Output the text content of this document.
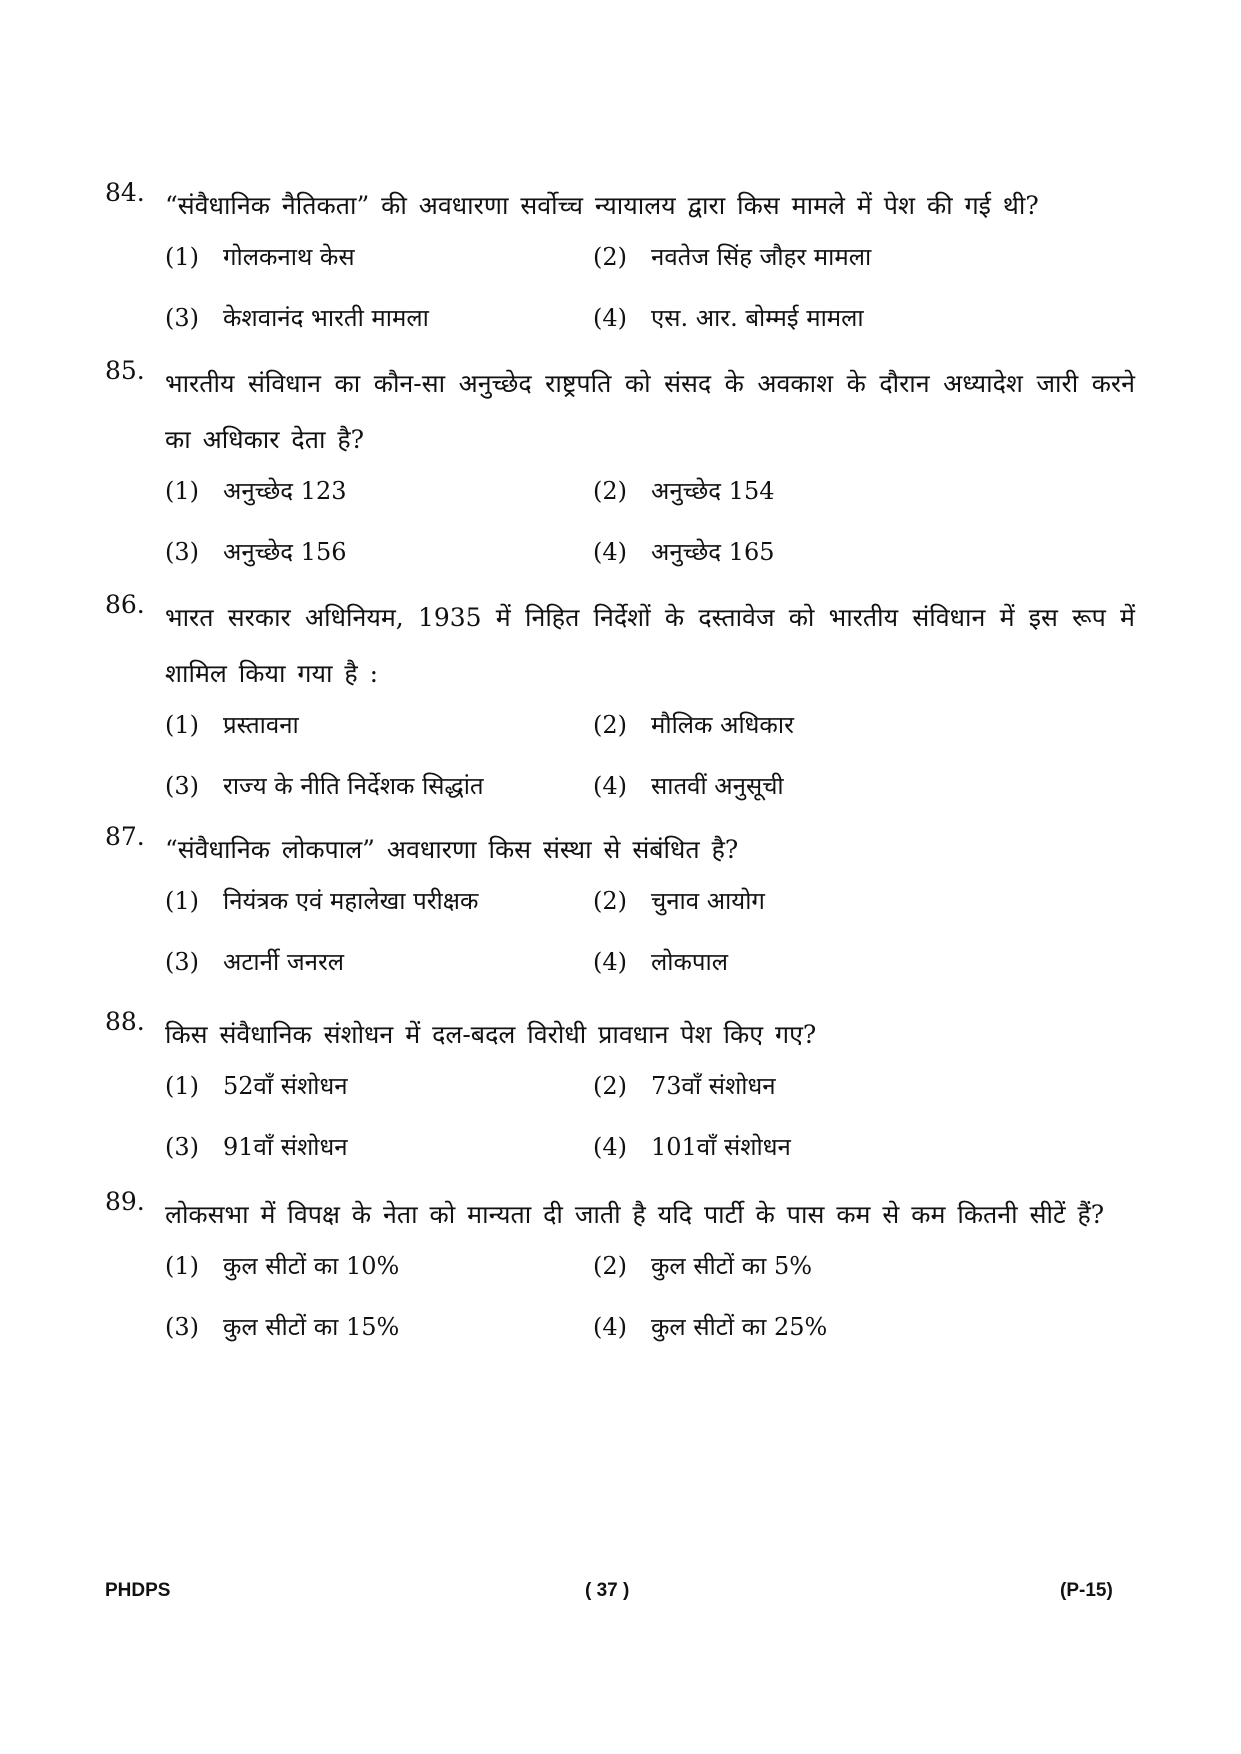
84. “संवैधानिक नैतिकता” की अवधारणा सर्वोच्च न्यायालय द्वारा किस मामले में पेश की गई थी?
(1) गोलकनाथ केस	(2) नवतेज सिंह जौहर मामला
(3) केशवानंद भारती मामला	(4) एस. आर. बोम्मई मामला
85. भारतीय संविधान का कौन-सा अनुच्छेद राष्ट्रपति को संसद के अवकाश के दौरान अध्यादेश जारी करने का अधिकार देता है?
(1) अनुच्छेद 123	(2) अनुच्छेद 154
(3) अनुच्छेद 156	(4) अनुच्छेद 165
86. भारत सरकार अधिनियम, 1935 में निहित निर्देशों के दस्तावेज को भारतीय संविधान में इस रूप में शामिल किया गया है :
(1) प्रस्तावना	(2) मौलिक अधिकार
(3) राज्य के नीति निर्देशक सिद्धांत	(4) सातवीं अनुसूची
87. “संवैधानिक लोकपाल” अवधारणा किस संस्था से संबंधित है?
(1) नियंत्रक एवं महालेखा परीक्षक	(2) चुनाव आयोग
(3) अटार्नी जनरल	(4) लोकपाल
88. किस संवैधानिक संशोधन में दल-बदल विरोधी प्रावधान पेश किए गए?
(1) 52वाँ संशोधन	(2) 73वाँ संशोधन
(3) 91वाँ संशोधन	(4) 101वाँ संशोधन
89. लोकसभा में विपक्ष के नेता को मान्यता दी जाती है यदि पार्टी के पास कम से कम कितनी सीटें हैं?
(1) कुल सीटों का 10%	(2) कुल सीटों का 5%
(3) कुल सीटों का 15%	(4) कुल सीटों का 25%
PHDPS	( 37 )	(P-15)
